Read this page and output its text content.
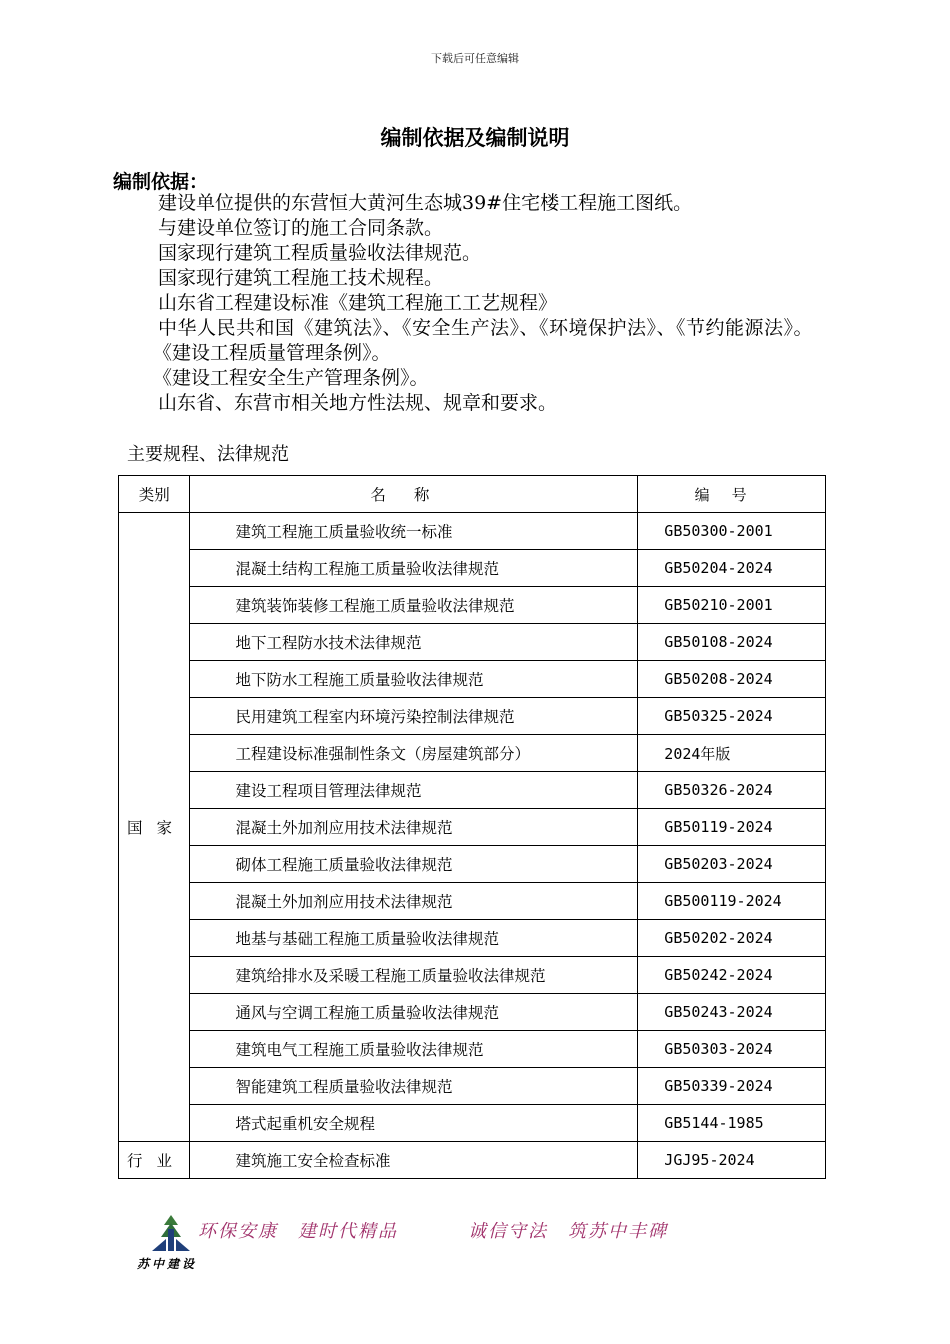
下载后可任意编辑
编制依据及编制说明
编制依据：
建设单位提供的东营恒大黄河生态城39#住宅楼工程施工图纸。
与建设单位签订的施工合同条款。
国家现行建筑工程质量验收法律规范。
国家现行建筑工程施工技术规程。
山东省工程建设标准《建筑工程施工工艺规程》
中华人民共和国《建筑法》、《安全生产法》、《环境保护法》、《节约能源法》。
《建设工程质量管理条例》。
《建设工程安全生产管理条例》。
山东省、东营市相关地方性法规、规章和要求。
主要规程、法律规范
类别	名称	编号
国家	建筑工程施工质量验收统一标准	GB50300-2001
	混凝土结构工程施工质量验收法律规范	GB50204-2024
	建筑装饰装修工程施工质量验收法律规范	GB50210-2001
	地下工程防水技术法律规范	GB50108-2024
	地下防水工程施工质量验收法律规范	GB50208-2024
	民用建筑工程室内环境污染控制法律规范	GB50325-2024
	工程建设标准强制性条文（房屋建筑部分）	2024年版
	建设工程项目管理法律规范	GB50326-2024
	混凝土外加剂应用技术法律规范	GB50119-2024
	砌体工程施工质量验收法律规范	GB50203-2024
	混凝土外加剂应用技术法律规范	GB500119-2024
	地基与基础工程施工质量验收法律规范	GB50202-2024
	建筑给排水及采暖工程施工质量验收法律规范	GB50242-2024
	通风与空调工程施工质量验收法律规范	GB50243-2024
	建筑电气工程施工质量验收法律规范	GB50303-2024
	智能建筑工程质量验收法律规范	GB50339-2024
	塔式起重机安全规程	GB5144-1985
行业	建筑施工安全检查标准	JGJ95-2024
苏中建设
环保安康　建时代精品	诚信守法　筑苏中丰碑
